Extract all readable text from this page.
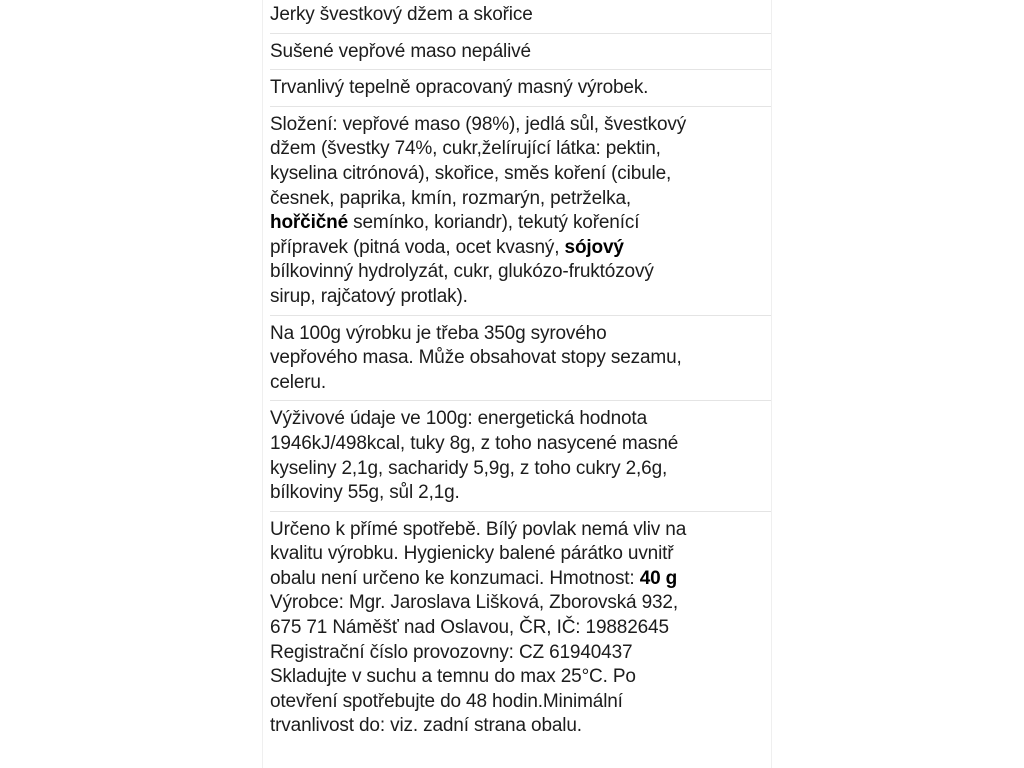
Jerky švestkový džem a skořice
Sušené vepřové maso nepálivé
Trvanlivý tepelně opracovaný masný výrobek.
Složení: vepřové maso (98%), jedlá sůl, švestkový
džem (švestky 74%, cukr,želírující látka: pektin,
kyselina citrónová), skořice, směs koření (cibule,
česnek, paprika, kmín, rozmarýn, petrželka,
hořčičné semínko, koriandr), tekutý kořenící
přípravek (pitná voda, ocet kvasný, sójový
bílkovinný hydrolyzát, cukr, glukózo-fruktózový
sirup, rajčatový protlak).
Na 100g výrobku je třeba 350g syrového
vepřového masa. Může obsahovat stopy sezamu,
celeru.
Výživové údaje ve 100g: energetická hodnota
1946kJ/498kcal, tuky 8g, z toho nasycené masné
kyseliny 2,1g, sacharidy 5,9g, z toho cukry 2,6g,
bílkoviny 55g, sůl 2,1g.
Určeno k přímé spotřebě. Bílý povlak nemá vliv na
kvalitu výrobku. Hygienicky balené párátko uvnitř
obalu není určeno ke konzumaci. Hmotnost: 40 g
Výrobce: Mgr. Jaroslava Lišková, Zborovská 932,
675 71 Náměšť nad Oslavou, ČR, IČ: 19882645
Registrační číslo provozovny: CZ 61940437
Skladujte v suchu a temnu do max 25°C. Po
otevření spotřebujte do 48 hodin.Minimální
trvanlivost do: viz. zadní strana obalu.
